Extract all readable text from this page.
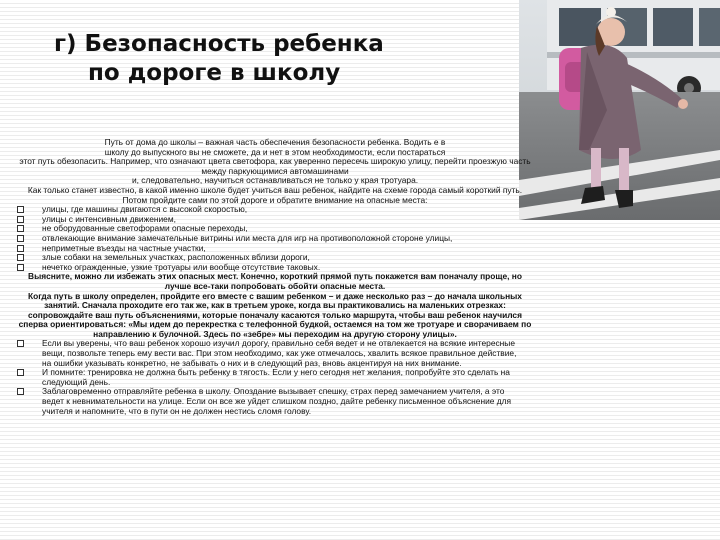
г) Безопасность ребенка
по дороге в школу

Путь от дома до школы – важная часть обеспечения безопасности ребенка. Водить е в

школу до выпускного вы не сможете, да и нет в этом необходимости, если постараться

этот путь обезопасить. Например, что означают цвета светофора, как уверенно пересечь широкую улицу, перейти проезжую часть между паркующимися автомашинами

и, следовательно, научиться останавливаться не только у края тротуара.

Как только станет известно, в какой именно школе будет учиться ваш ребенок, найдите на схеме города самый короткий путь.

Потом пройдите сами по этой дороге и обратите внимание на опасные места:

улицы, где машины двигаются с высокой скоростью,
улицы с интенсивным движением,
не оборудованные светофорами опасные переходы,
отвлекающие внимание замечательные витрины или места для игр на противоположной стороне улицы,
неприметные въезды на частные участки,
злые собаки на земельных участках, расположенных вблизи дороги,
нечетко огражденные, узкие тротуары или вообще отсутствие таковых.

Выясните, можно ли избежать этих опасных мест. Конечно, короткий прямой путь покажется вам поначалу проще, но лучше все-таки попробовать обойти опасные места.

Когда путь в школу определен, пройдите его вместе с вашим ребенком – и даже несколько раз – до начала школьных занятий. Сначала проходите его так же, как в третьем уроке, когда вы практиковались на маленьких отрезках: сопровождайте ваш путь объяснениями, которые поначалу касаются только маршрута, чтобы ваш ребенок научился сперва ориентироваться: «Мы идем до перекрестка с телефонной будкой, остаемся на том же тротуаре и сворачиваем по направлению к булочной. Здесь по «зебре» мы переходим на другую сторону улицы».

Если вы уверены, что ваш ребенок хорошо изучил дорогу, правильно себя ведет и не отвлекается на всякие интересные вещи, позвольте теперь ему вести вас. При этом необходимо, как уже отмечалось, хвалить всякое правильное действие, на ошибки указывать конкретно, не забывать о них и в следующий раз, вновь акцентируя на них внимание.
И помните: тренировка не должна быть ребенку в тягость. Если у него сегодня нет желания, попробуйте это сделать на следующий день.
Заблаговременно отправляйте ребенка в школу. Опоздание вызывает спешку, страх перед замечанием учителя, а это ведет к невнимательности на улице. Если он все же уйдет слишком поздно, дайте ребенку письменное объяснение для учителя и напомните, что в пути он не должен нестись сломя голову.
